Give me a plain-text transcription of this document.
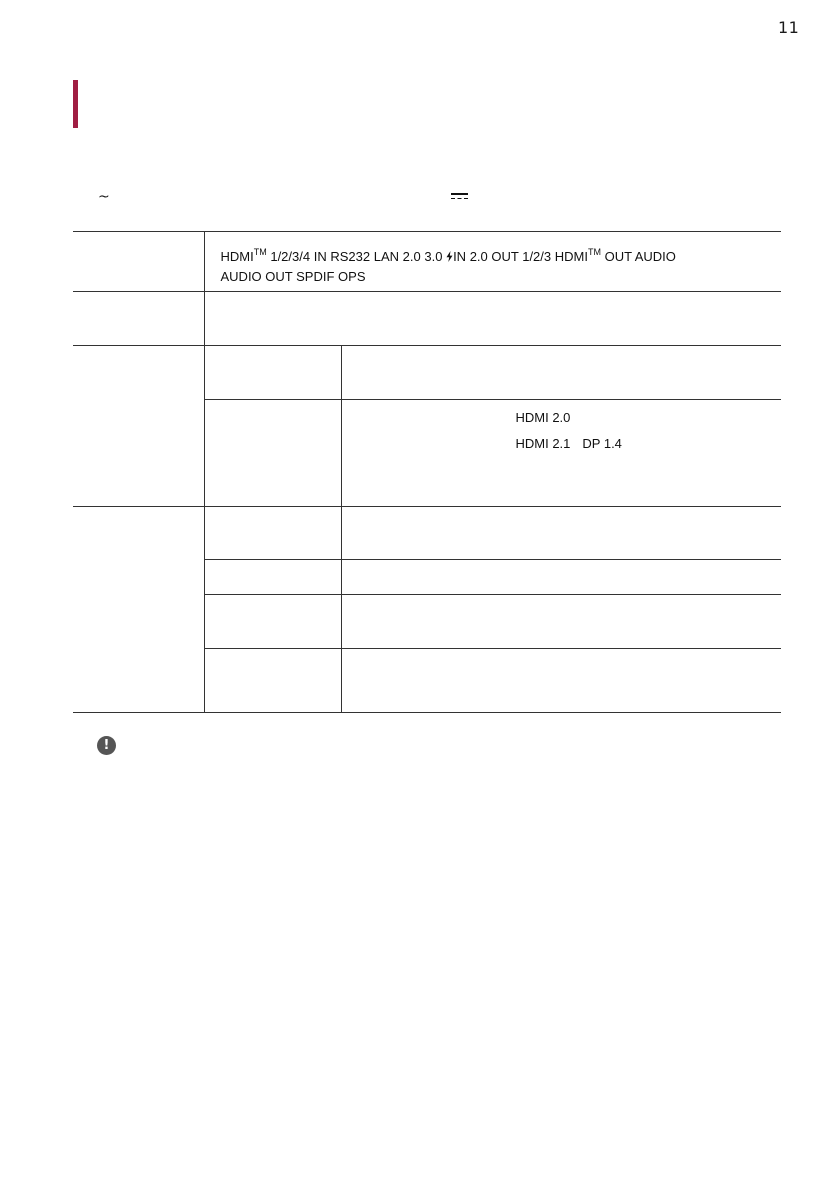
11
~

	HDMI™ 1/2/3/4 IN RS232 LAN 2.0 3.0 IN 2.0 OUT 1/2/3 HDMI™ OUT AUDIO
AUDIO OUT SPDIF OPS	

		HDMI 2.0
HDMI 2.1 DP 1.4

!
